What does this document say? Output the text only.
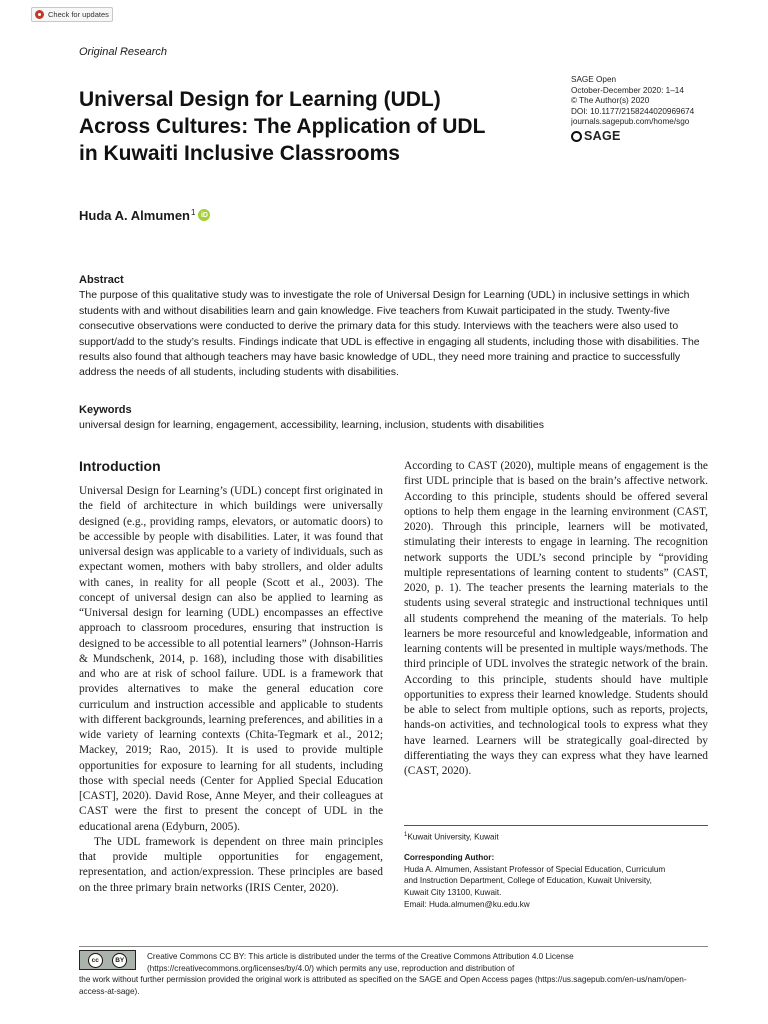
Check for updates
Original Research
Universal Design for Learning (UDL) Across Cultures: The Application of UDL in Kuwaiti Inclusive Classrooms
SAGE Open
October-December 2020: 1–14
© The Author(s) 2020
DOI: 10.1177/2158244020969674
journals.sagepub.com/home/sgo
SAGE
Huda A. Almumen$^1$ iD
Abstract

The purpose of this qualitative study was to investigate the role of Universal Design for Learning (UDL) in inclusive settings in which students with and without disabilities learn and gain knowledge. Five teachers from Kuwait participated in the study. Twenty-five consecutive observations were conducted to derive the primary data for this study. Interviews with the teachers were also used to support/add to the study’s results. Findings indicate that UDL is effective in engaging all students, including those with disabilities. The results also found that although teachers may have basic knowledge of UDL, they need more training and practice to successfully address the needs of all students, including students with disabilities.

Keywords

universal design for learning, engagement, accessibility, learning, inclusion, students with disabilities

Introduction

Universal Design for Learning’s (UDL) concept first originated in the field of architecture in which buildings were universally designed (e.g., providing ramps, elevators, or automatic doors) to be accessible by people with disabilities. Later, it was found that universal design was applicable to a variety of individuals, such as expectant women, mothers with baby strollers, and older adults with canes, in reality for all people (Scott et al., 2003). The concept of universal design can also be applied to learning as “Universal design for learning (UDL) encompasses an effective approach to classroom procedures, ensuring that instruction is designed to be accessible to all potential learners” (Johnson-Harris & Mundschenk, 2014, p. 168), including those with disabilities and who are at risk of school failure. UDL is a framework that provides alternatives to make the general education core curriculum and instruction accessible and applicable to students with different backgrounds, learning preferences, and abilities in a wide variety of learning contexts (Chita-Tegmark et al., 2012; Mackey, 2019; Rao, 2015). It is used to provide multiple opportunities for exposure to learning for all students, including those with special needs (Center for Applied Special Education [CAST], 2020). David Rose, Anne Meyer, and their colleagues at CAST were the first to present the concept of UDL in the educational arena (Edyburn, 2005).

The UDL framework is dependent on three main principles that provide multiple opportunities for engagement, representation, and action/expression. These principles are based on the three primary brain networks (IRIS Center, 2020).

According to CAST (2020), multiple means of engagement is the first UDL principle that is based on the brain’s affective network. According to this principle, students should be offered several options to help them engage in the learning environment (CAST, 2020). Through this principle, learners will be motivated, stimulating their interests to engage in learning. The recognition network supports the UDL’s second principle by “providing multiple representations of learning content to students” (CAST, 2020, p. 1). The teacher presents the learning materials to the students using several strategic and instructional techniques until all students comprehend the meaning of the materials. To help learners be more resourceful and knowledgeable, information and learning contents will be presented in multiple ways/methods. The third principle of UDL involves the strategic network of the brain. According to this principle, students should have multiple opportunities to express their learned knowledge. Students should be able to select from multiple options, such as reports, projects, hands-on activities, and technological tools to express what they have learned. Learners will be strategically goal-directed by differentiating the ways they can express what they have learned (CAST, 2020).

$^1$Kuwait University, Kuwait
Corresponding Author:
Huda A. Almumen, Assistant Professor of Special Education, Curriculum
and Instruction Department, College of Education, Kuwait University,
Kuwait City 13100, Kuwait.
Email: Huda.almumen@ku.edu.kw
Creative Commons CC BY: This article is distributed under the terms of the Creative Commons Attribution 4.0 License
(https://creativecommons.org/licenses/by/4.0/) which permits any use, reproduction and distribution of
the work without further permission provided the original work is attributed as specified on the SAGE and Open Access pages (https://us.sagepub.com/en-us/nam/open-access-at-sage).
cc	BY
